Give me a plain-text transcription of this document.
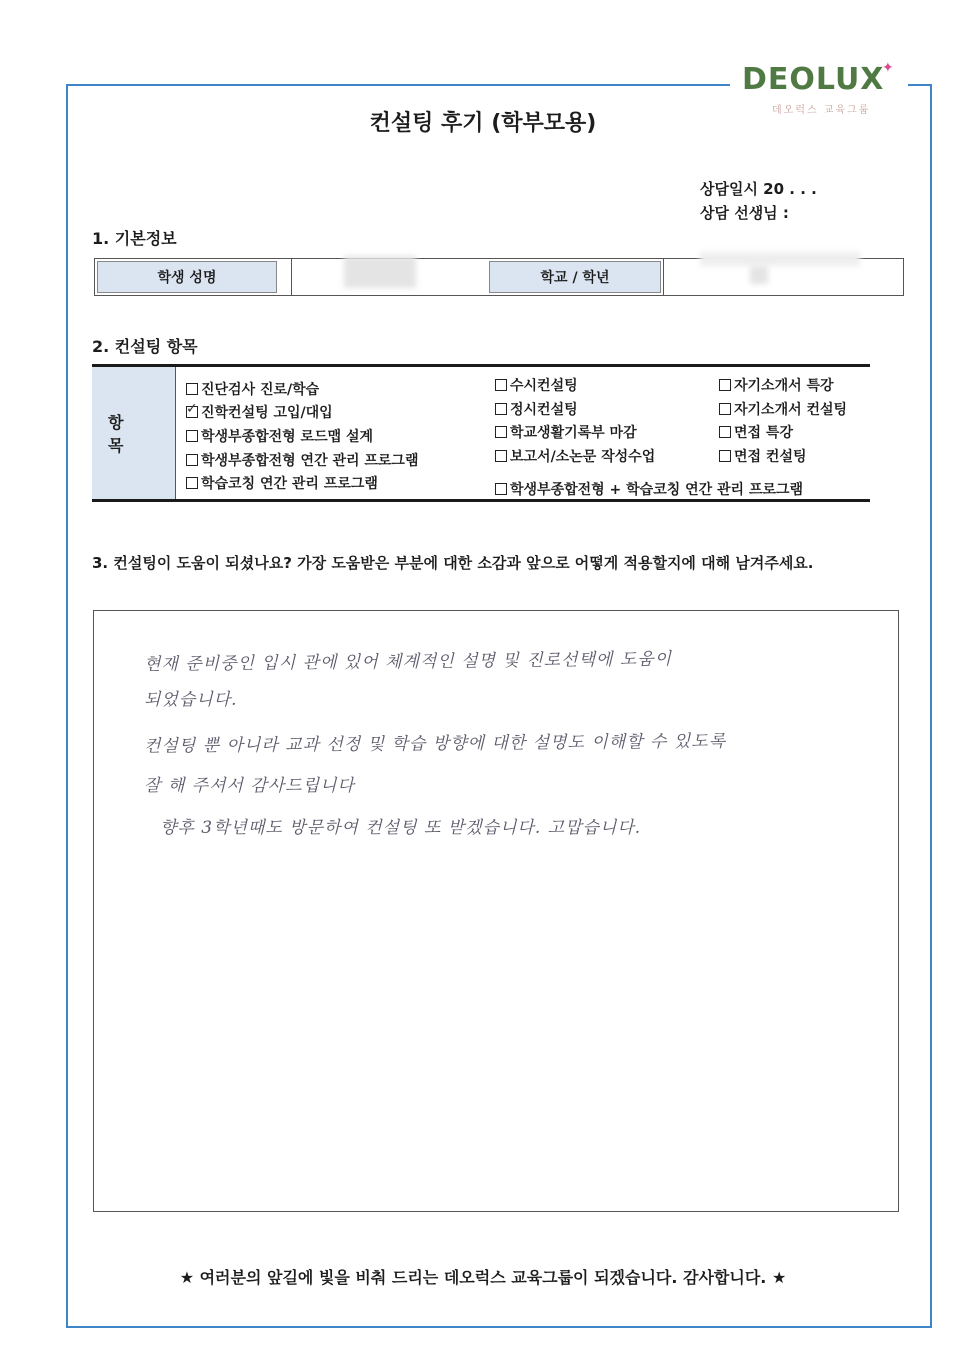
DEOLUX
✦
데오럭스 교육그룹
컨설팅 후기 (학부모용)
상담일시 20 . . .
상담 선생님 :
1. 기본정보
학생 성명	학교 / 학년
2. 컨설팅 항목
항 목
진단검사 진로/학습
✓ 진학컨설팅 고입/대입
학생부종합전형 로드맵 설계
학생부종합전형 연간 관리 프로그램
학습코칭 연간 관리 프로그램
수시컨설팅
정시컨설팅
학교생활기록부 마감
보고서/소논문 작성수업
학생부종합전형 + 학습코칭 연간 관리 프로그램
자기소개서 특강
자기소개서 컨설팅
면접 특강
면접 컨설팅
3. 컨설팅이 도움이 되셨나요? 가장 도움받은 부분에 대한 소감과 앞으로 어떻게 적용할지에 대해 남겨주세요.
현재 준비중인 입시 관에 있어 체계적인 설명 및 진로선택에 도움이
되었습니다.
컨설팅 뿐 아니라 교과 선정 및 학습 방향에 대한 설명도 이해할 수 있도록
잘 해 주셔서 감사드립니다
향후 3학년때도 방문하여 컨설팅 또 받겠습니다. 고맙습니다.
★ 여러분의 앞길에 빛을 비춰 드리는 데오럭스 교육그룹이 되겠습니다. 감사합니다. ★
